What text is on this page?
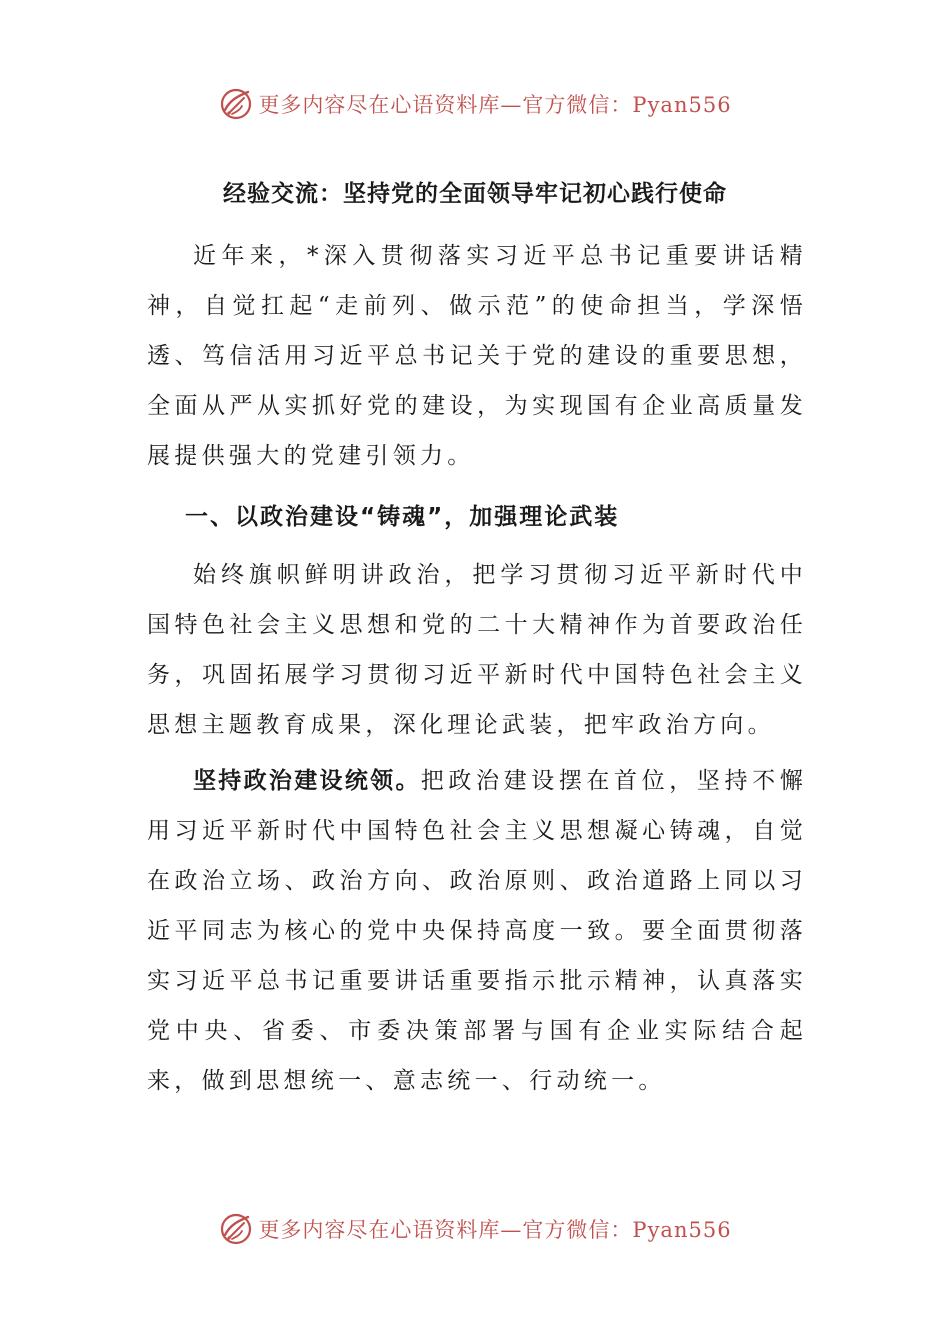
更多内容尽在心语资料库—官方微信：Pyan556
经验交流：坚持党的全面领导牢记初心践行使命

近年来，*深入贯彻落实习近平总书记重要讲话精神，自觉扛起“走前列、做示范”的使命担当，学深悟透、笃信活用习近平总书记关于党的建设的重要思想，全面从严从实抓好党的建设，为实现国有企业高质量发展提供强大的党建引领力。

一、以政治建设“铸魂”，加强理论武装

始终旗帜鲜明讲政治，把学习贯彻习近平新时代中国特色社会主义思想和党的二十大精神作为首要政治任务，巩固拓展学习贯彻习近平新时代中国特色社会主义思想主题教育成果，深化理论武装，把牢政治方向。

坚持政治建设统领。把政治建设摆在首位，坚持不懈用习近平新时代中国特色社会主义思想凝心铸魂，自觉在政治立场、政治方向、政治原则、政治道路上同以习近平同志为核心的党中央保持高度一致。要全面贯彻落实习近平总书记重要讲话重要指示批示精神，认真落实党中央、省委、市委决策部署与国有企业实际结合起来，做到思想统一、意志统一、行动统一。

更多内容尽在心语资料库—官方微信：Pyan556
